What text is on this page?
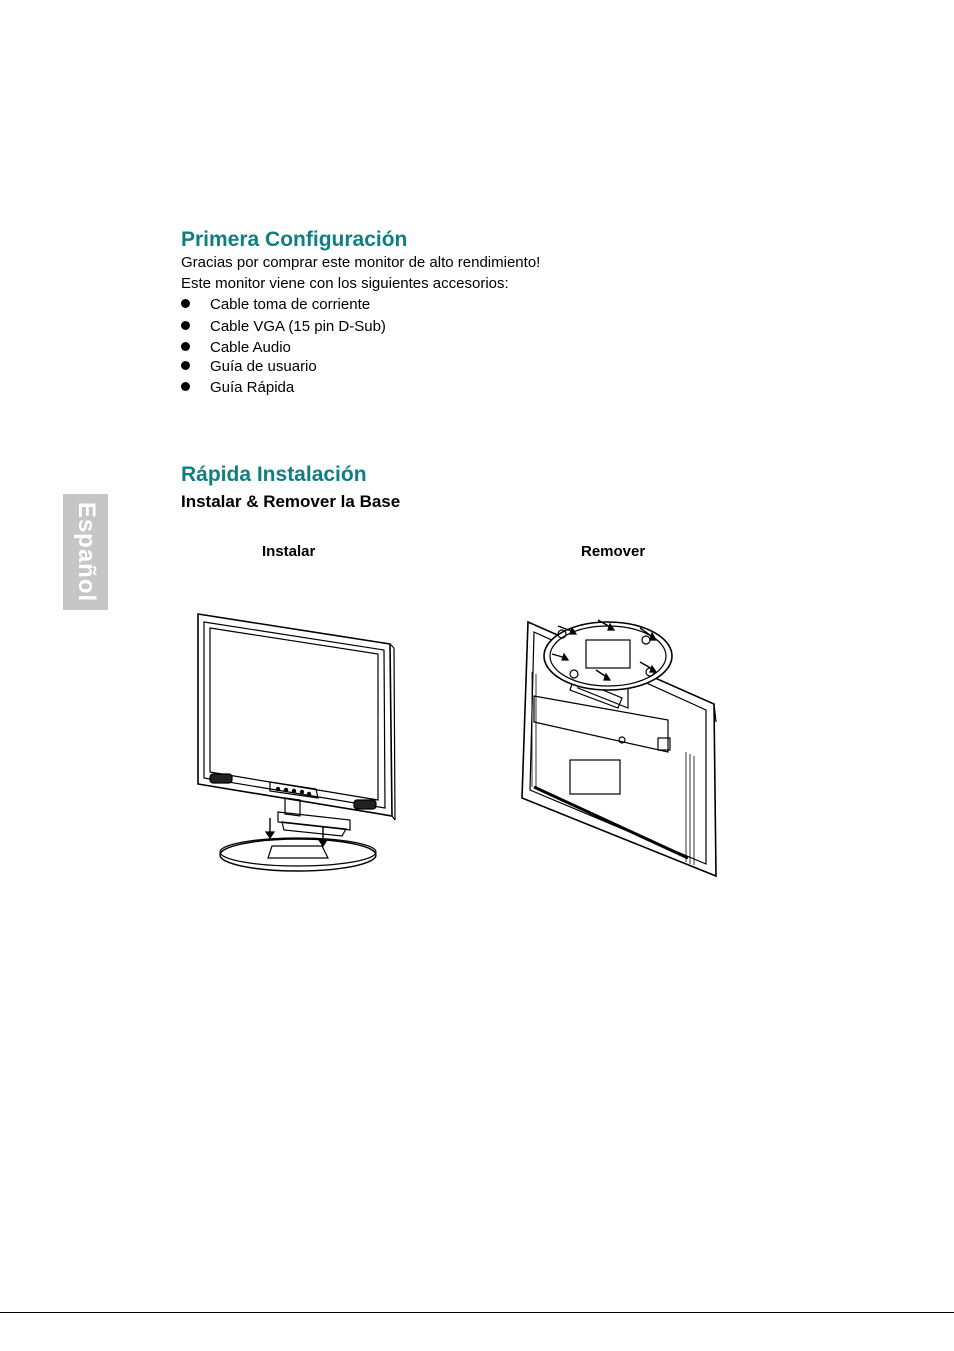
Español
Primera Configuración
Gracias por comprar este monitor de alto rendimiento!
Este monitor viene con los siguientes accesorios:
Cable toma de corriente
Cable VGA (15 pin D-Sub)
Cable Audio
Guía de usuario
Guía Rápida
Rápida Instalación
Instalar & Remover la Base
Instalar	Remover
